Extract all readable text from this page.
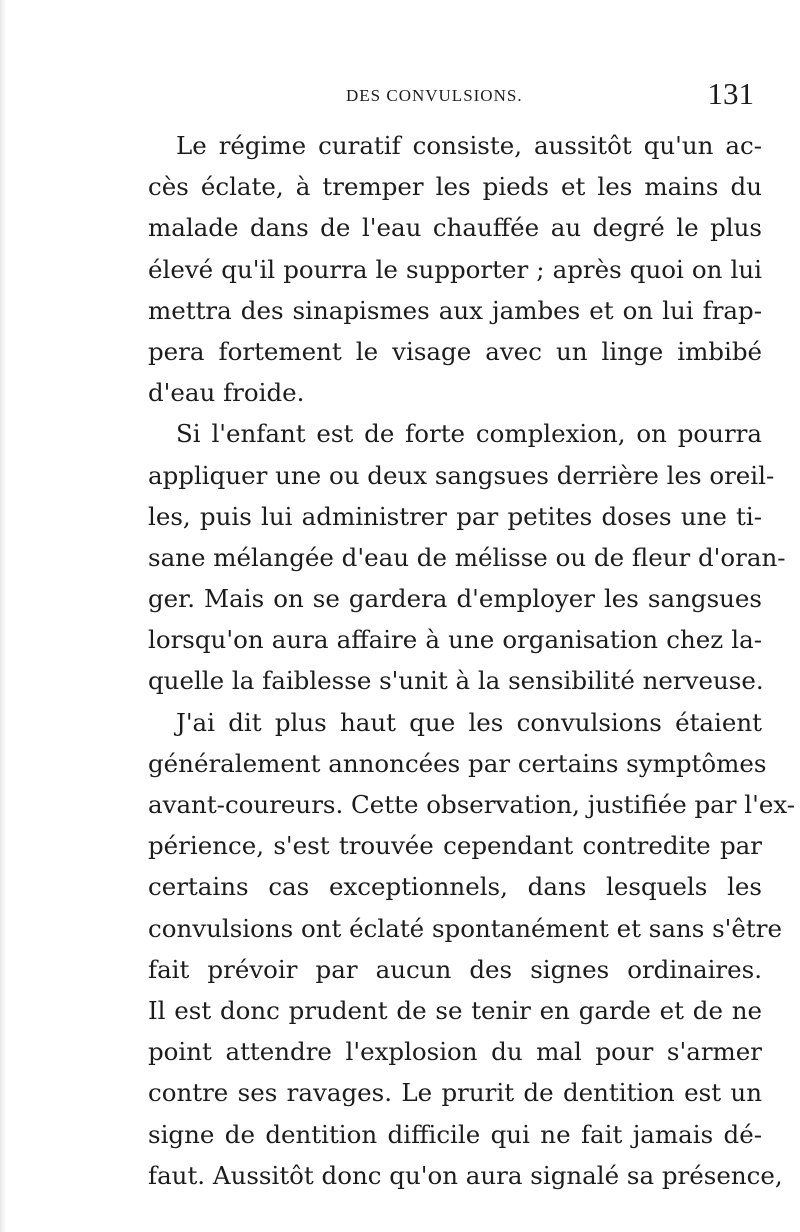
DES CONVULSIONS.	131
Le régime curatif consiste, aussitôt qu'un ac-
cès éclate, à tremper les pieds et les mains du
malade dans de l'eau chauffée au degré le plus
élevé qu'il pourra le supporter ; après quoi on lui
mettra des sinapismes aux jambes et on lui frap-
pera fortement le visage avec un linge imbibé
d'eau froide.
Si l'enfant est de forte complexion, on pourra
appliquer une ou deux sangsues derrière les oreil-
les, puis lui administrer par petites doses une ti-
sane mélangée d'eau de mélisse ou de fleur d'oran-
ger. Mais on se gardera d'employer les sangsues
lorsqu'on aura affaire à une organisation chez la-
quelle la faiblesse s'unit à la sensibilité nerveuse.
J'ai dit plus haut que les convulsions étaient
généralement annoncées par certains symptômes
avant-coureurs. Cette observation, justifiée par l'ex-
périence, s'est trouvée cependant contredite par
certains cas exceptionnels, dans lesquels les
convulsions ont éclaté spontanément et sans s'être
fait prévoir par aucun des signes ordinaires.
Il est donc prudent de se tenir en garde et de ne
point attendre l'explosion du mal pour s'armer
contre ses ravages. Le prurit de dentition est un
signe de dentition difficile qui ne fait jamais dé-
faut. Aussitôt donc qu'on aura signalé sa présence,
